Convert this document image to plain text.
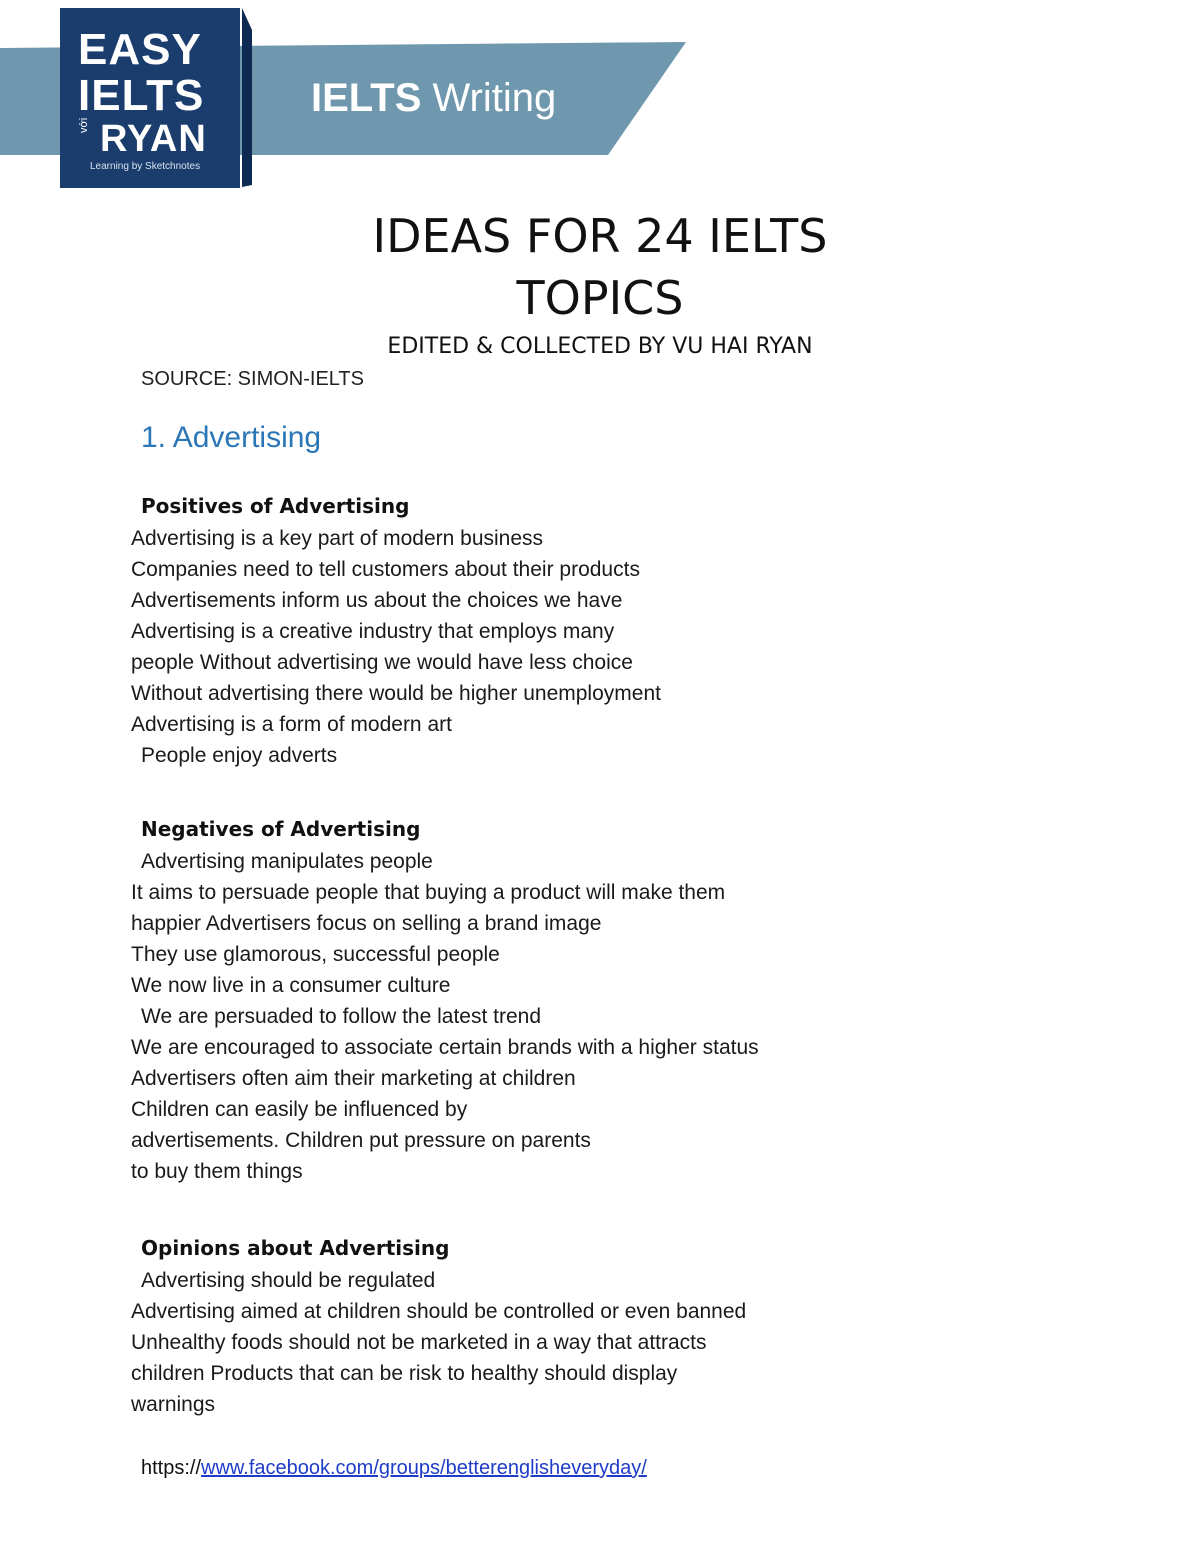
EASY
IELTS
với RYAN
Learning by Sketchnotes
IELTS Writing
IDEAS FOR 24 IELTS
TOPICS
EDITED & COLLECTED BY VU HAI RYAN
SOURCE: SIMON-IELTS
1. Advertising
Positives of Advertising
Advertising is a key part of modern business
Companies need to tell customers about their products
Advertisements inform us about the choices we have
Advertising is a creative industry that employs many
people Without advertising we would have less choice
Without advertising there would be higher unemployment
Advertising is a form of modern art
People enjoy adverts
Negatives of Advertising
Advertising manipulates people
It aims to persuade people that buying a product will make them
happier Advertisers focus on selling a brand image
They use glamorous, successful people
We now live in a consumer culture
We are persuaded to follow the latest trend
We are encouraged to associate certain brands with a higher status
Advertisers often aim their marketing at children
Children can easily be influenced by
advertisements. Children put pressure on parents
to buy them things
Opinions about Advertising
Advertising should be regulated
Advertising aimed at children should be controlled or even banned
Unhealthy foods should not be marketed in a way that attracts
children Products that can be risk to healthy should display
warnings
https://www.facebook.com/groups/betterenglisheveryday/
